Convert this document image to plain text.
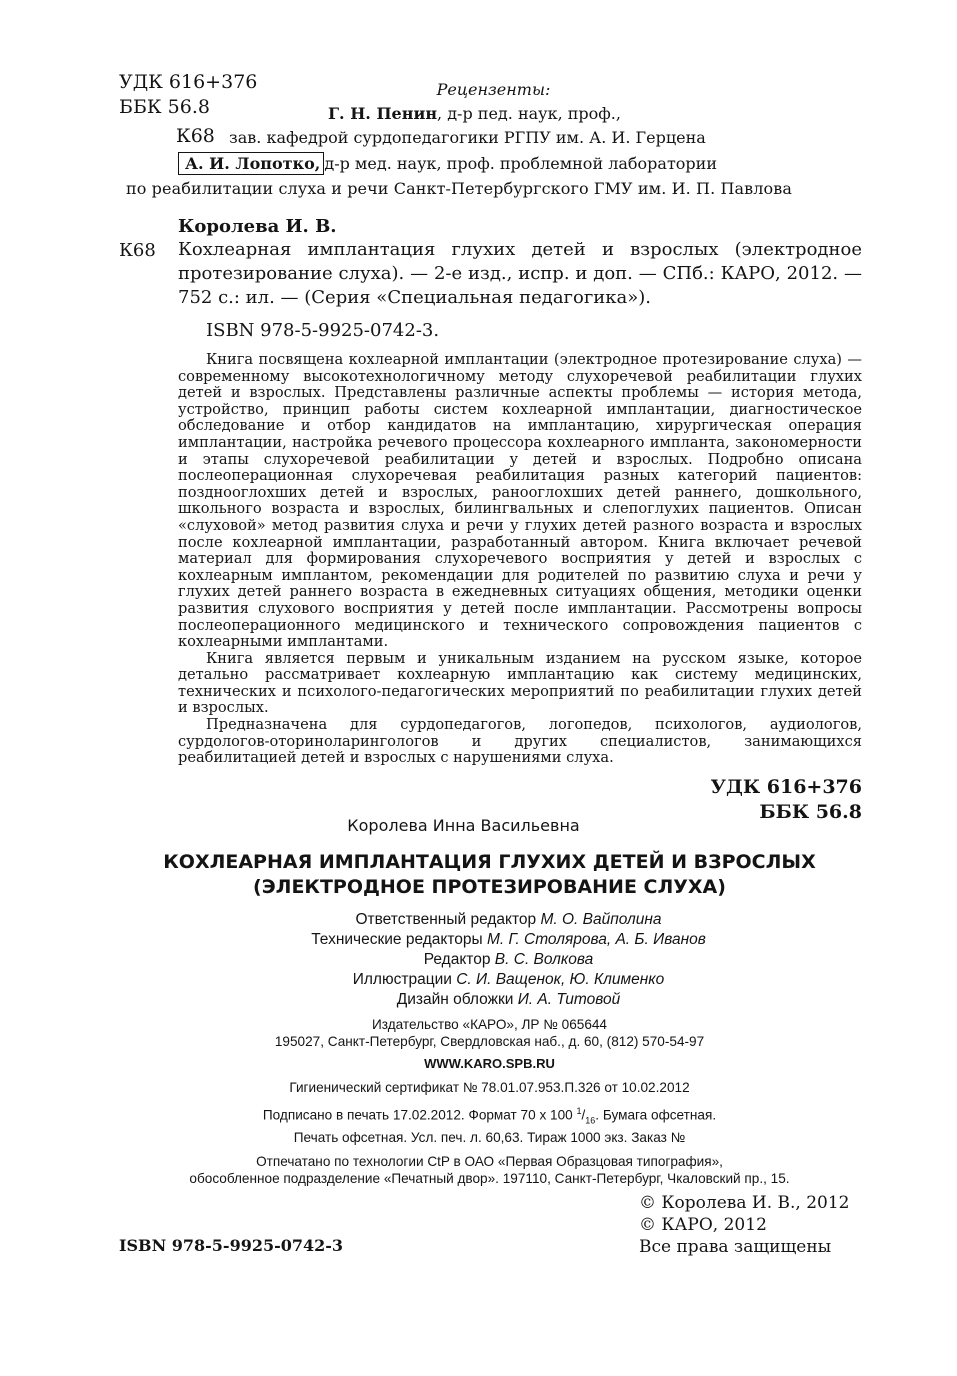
УДК 616+376
ББК 56.8
К68
Рецензенты:
Г. Н. Пенин, д-р пед. наук, проф.,
зав. кафедрой сурдопедагогики РГПУ им. А. И. Герцена
А. И. Лопотко, д-р мед. наук, проф. проблемной лаборатории
по реабилитации слуха и речи Санкт-Петербургского ГМУ им. И. П. Павлова
Королева И. В.
К68 Кохлеарная имплантация глухих детей и взрослых (электродное протезирование слуха). — 2-е изд., испр. и доп. — СПб.: КАРО, 2012. — 752 с.: ил. — (Серия «Специальная педагогика»).
ISBN 978-5-9925-0742-3.

Книга посвящена кохлеарной имплантации (электродное протезирование слуха) — современному высокотехнологичному методу слухоречевой реабилитации глухих детей и взрослых. Представлены различные аспекты проблемы — история метода, устройство, принцип работы систем кохлеарной имплантации, диагностическое обследование и отбор кандидатов на имплантацию, хирургическая операция имплантации, настройка речевого процессора кохлеарного импланта, закономерности и этапы слухоречевой реабилитации у детей и взрослых. Подробно описана послеоперационная слухоречевая реабилитация разных категорий пациентов: позднооглохших детей и взрослых, раноoглохших детей раннего, дошкольного, школьного возраста и взрослых, билингвальных и слепоглухих пациентов. Описан «слуховой» метод развития слуха и речи у глухих детей разного возраста и взрослых после кохлеарной имплантации, разработанный автором. Книга включает речевой материал для формирования слухоречевого восприятия у детей и взрослых с кохлеарным имплантом, рекомендации для родителей по развитию слуха и речи у глухих детей раннего возраста в ежедневных ситуациях общения, методики оценки развития слухового восприятия у детей после имплантации. Рассмотрены вопросы послеоперационного медицинского и технического сопровождения пациентов с кохлеарными имплантами.

Книга является первым и уникальным изданием на русском языке, которое детально рассматривает кохлеарную имплантацию как систему медицинских, технических и психолого-педагогических мероприятий по реабилитации глухих детей и взрослых.

Предназначена для сурдопедагогов, логопедов, психологов, аудиологов, сурдологов-оториноларингологов и других специалистов, занимающихся реабилитацией детей и взрослых с нарушениями слуха.

УДК 616+376
ББК 56.8
Королева Инна Васильевна
КОХЛЕАРНАЯ ИМПЛАНТАЦИЯ ГЛУХИХ ДЕТЕЙ И ВЗРОСЛЫХ
(ЭЛЕКТРОДНОЕ ПРОТЕЗИРОВАНИЕ СЛУХА)
Ответственный редактор М. О. Вайполина
Технические редакторы М. Г. Столярова, А. Б. Иванов
Редактор В. С. Волкова
Иллюстрации С. И. Ващенок, Ю. Клименко
Дизайн обложки И. А. Титовой
Издательство «КАРО», ЛР № 065644
195027, Санкт-Петербург, Свердловская наб., д. 60, (812) 570-54-97
WWW.KARO.SPB.RU
Гигиенический сертификат № 78.01.07.953.П.326 от 10.02.2012
Подписано в печать 17.02.2012. Формат 70 x 100 $^1/_{16}$. Бумага офсетная.
Печать офсетная. Усл. печ. л. 60,63. Тираж 1000 экз. Заказ №
Отпечатано по технологии CtP в ОАО «Первая Образцовая типография»,
обособленное подразделение «Печатный двор». 197110, Санкт-Петербург, Чкаловский пр., 15.
© Королева И. В., 2012
© КАРО, 2012
Все права защищены
ISBN 978-5-9925-0742-3
